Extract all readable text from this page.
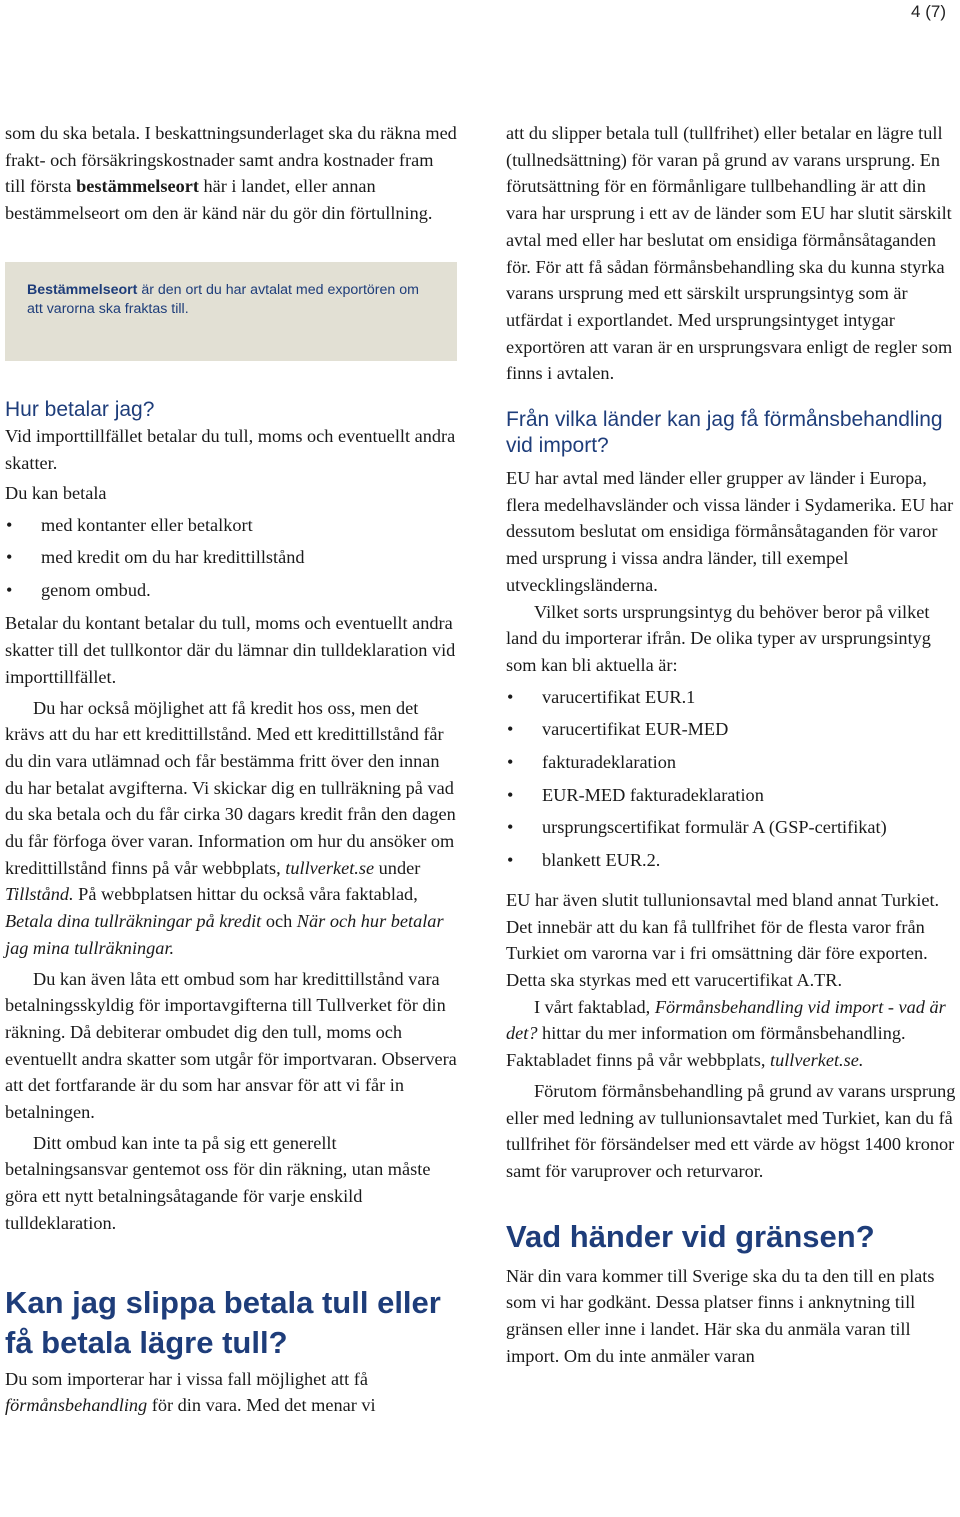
4 (7)

som du ska betala. I beskattningsunderlaget ska du räkna med frakt- och försäkringskostnader samt andra kostnader fram till första bestämmelseort här i landet, eller annan bestämmelseort om den är känd när du gör din förtullning.

Bestämmelseort är den ort du har avtalat med exportören om att varorna ska fraktas till.
Hur betalar jag?

Vid importtillfället betalar du tull, moms och eventuellt andra skatter.

Du kan betala

• med kontanter eller betalkort
• med kredit om du har kredittillstånd
• genom ombud.

Betalar du kontant betalar du tull, moms och eventuellt andra skatter till det tullkontor där du lämnar din tulldeklaration vid importtillfället.

Du har också möjlighet att få kredit hos oss, men det krävs att du har ett kredittillstånd. Med ett kredittillstånd får du din vara utlämnad och får bestämma fritt över den innan du har betalat avgifterna. Vi skickar dig en tullräkning på vad du ska betala och du får cirka 30 dagars kredit från den dagen du får förfoga över varan. Information om hur du ansöker om kredittillstånd finns på vår webbplats, tullverket.se under Tillstånd. På webbplatsen hittar du också våra faktablad, Betala dina tullräkningar på kredit och När och hur betalar jag mina tullräkningar.

Du kan även låta ett ombud som har kredittillstånd vara betalningsskyldig för importavgifterna till Tullverket för din räkning. Då debiterar ombudet dig den tull, moms och eventuellt andra skatter som utgår för importvaran. Observera att det fortfarande är du som har ansvar för att vi får in betalningen.

Ditt ombud kan inte ta på sig ett generellt betalningsansvar gentemot oss för din räkning, utan måste göra ett nytt betalningsåtagande för varje enskild tulldeklaration.

Kan jag slippa betala tull eller få betala lägre tull?

Du som importerar har i vissa fall möjlighet att få förmånsbehandling för din vara. Med det menar vi

att du slipper betala tull (tullfrihet) eller betalar en lägre tull (tullnedsättning) för varan på grund av varans ursprung. En förutsättning för en förmånligare tullbehandling är att din vara har ursprung i ett av de länder som EU har slutit särskilt avtal med eller har beslutat om ensidiga förmånsåtaganden för. För att få sådan förmånsbehandling ska du kunna styrka varans ursprung med ett särskilt ursprungsintyg som är utfärdat i exportlandet. Med ursprungsintyget intygar exportören att varan är en ursprungsvara enligt de regler som finns i avtalen.

Från vilka länder kan jag få förmånsbehandling vid import?

EU har avtal med länder eller grupper av länder i Europa, flera medelhavsländer och vissa länder i Sydamerika. EU har dessutom beslutat om ensidiga förmånsåtaganden för varor med ursprung i vissa andra länder, till exempel utvecklingsländerna.

Vilket sorts ursprungsintyg du behöver beror på vilket land du importerar ifrån. De olika typer av ursprungsintyg som kan bli aktuella är:

• varucertifikat EUR.1
• varucertifikat EUR-MED
• fakturadeklaration
• EUR-MED fakturadeklaration
• ursprungscertifikat formulär A (GSP-certifikat)
• blankett EUR.2.

EU har även slutit tullunionsavtal med bland annat Turkiet. Det innebär att du kan få tullfrihet för de flesta varor från Turkiet om varorna var i fri omsättning där före exporten. Detta ska styrkas med ett varucertifikat A.TR.

I vårt faktablad, Förmånsbehandling vid import - vad är det? hittar du mer information om förmånsbehandling. Faktabladet finns på vår webbplats, tullverket.se.

Förutom förmånsbehandling på grund av varans ursprung eller med ledning av tullunionsavtalet med Turkiet, kan du få tullfrihet för försändelser med ett värde av högst 1400 kronor samt för varuprover och returvaror.

Vad händer vid gränsen?

När din vara kommer till Sverige ska du ta den till en plats som vi har godkänt. Dessa platser finns i anknytning till gränsen eller inne i landet. Här ska du anmäla varan till import. Om du inte anmäler varan
